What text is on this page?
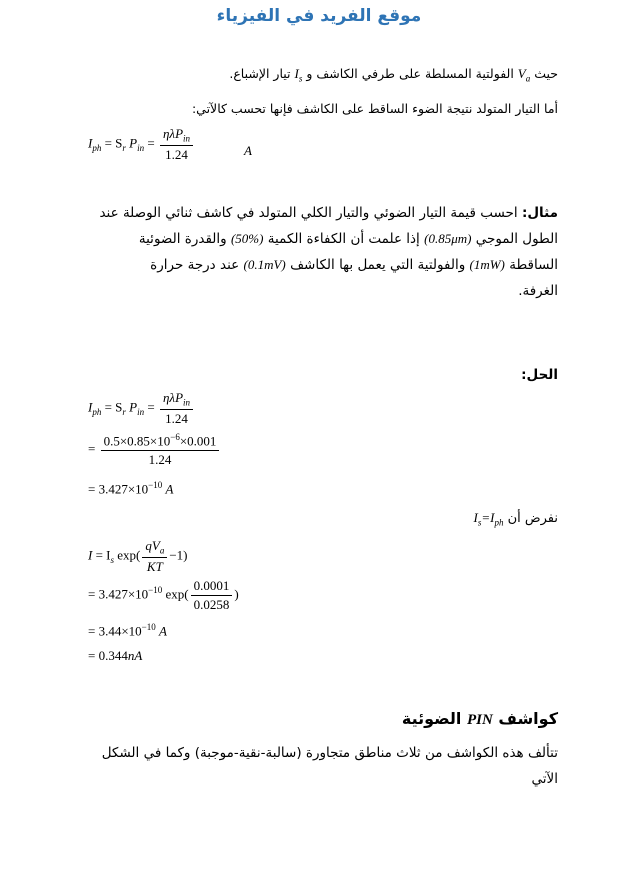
موقع الفريد في الفيزياء
حيث $V_a$ الفولتية المسلطة على طرفي الكاشف و $I_s$ تيار الإشباع.
أما التيار المتولد نتيجة الضوء الساقط على الكاشف فإنها تحسب كالآتي:
$I_{ph} = S_r$ $P_{in} = \frac{\eta\lambda P_{in}}{1.24}$	A
مثال: احسب قيمة التيار الضوئي والتيار الكلي المتولد في كاشف ثنائي الوصلة عند
الطول الموجي (0.85μm) إذا علمت أن الكفاءة الكمية (50%) والقدرة الضوئية
الساقطة (1mW) والفولتية التي يعمل بها الكاشف (0.1mV) عند درجة حرارة
الغرفة.
الحل:
$I_{ph} = S_r$ $P_{in} = \frac{\eta\lambda P_{in}}{1.24}$
= $\frac{0.5\times 0.85\times 10^{-6}\times 0.001}{1.24}$
= $3.427\times 10^{-10}$ A
نفرض أن $I_s=I_{ph}$
$I = I_s$ $\exp( \frac{qV_a}{KT} -1)$
= $3.427\times 10^{-10}$ $\exp( \frac{0.0001}{0.0258}$ )
= $3.44\times 10^{-10}$ A
= 0.344nA
كواشف PIN الضوئية
تتألف هذه الكواشف من ثلاث مناطق متجاورة (سالبة-نقية-موجبة) وكما في الشكل
الآتي
